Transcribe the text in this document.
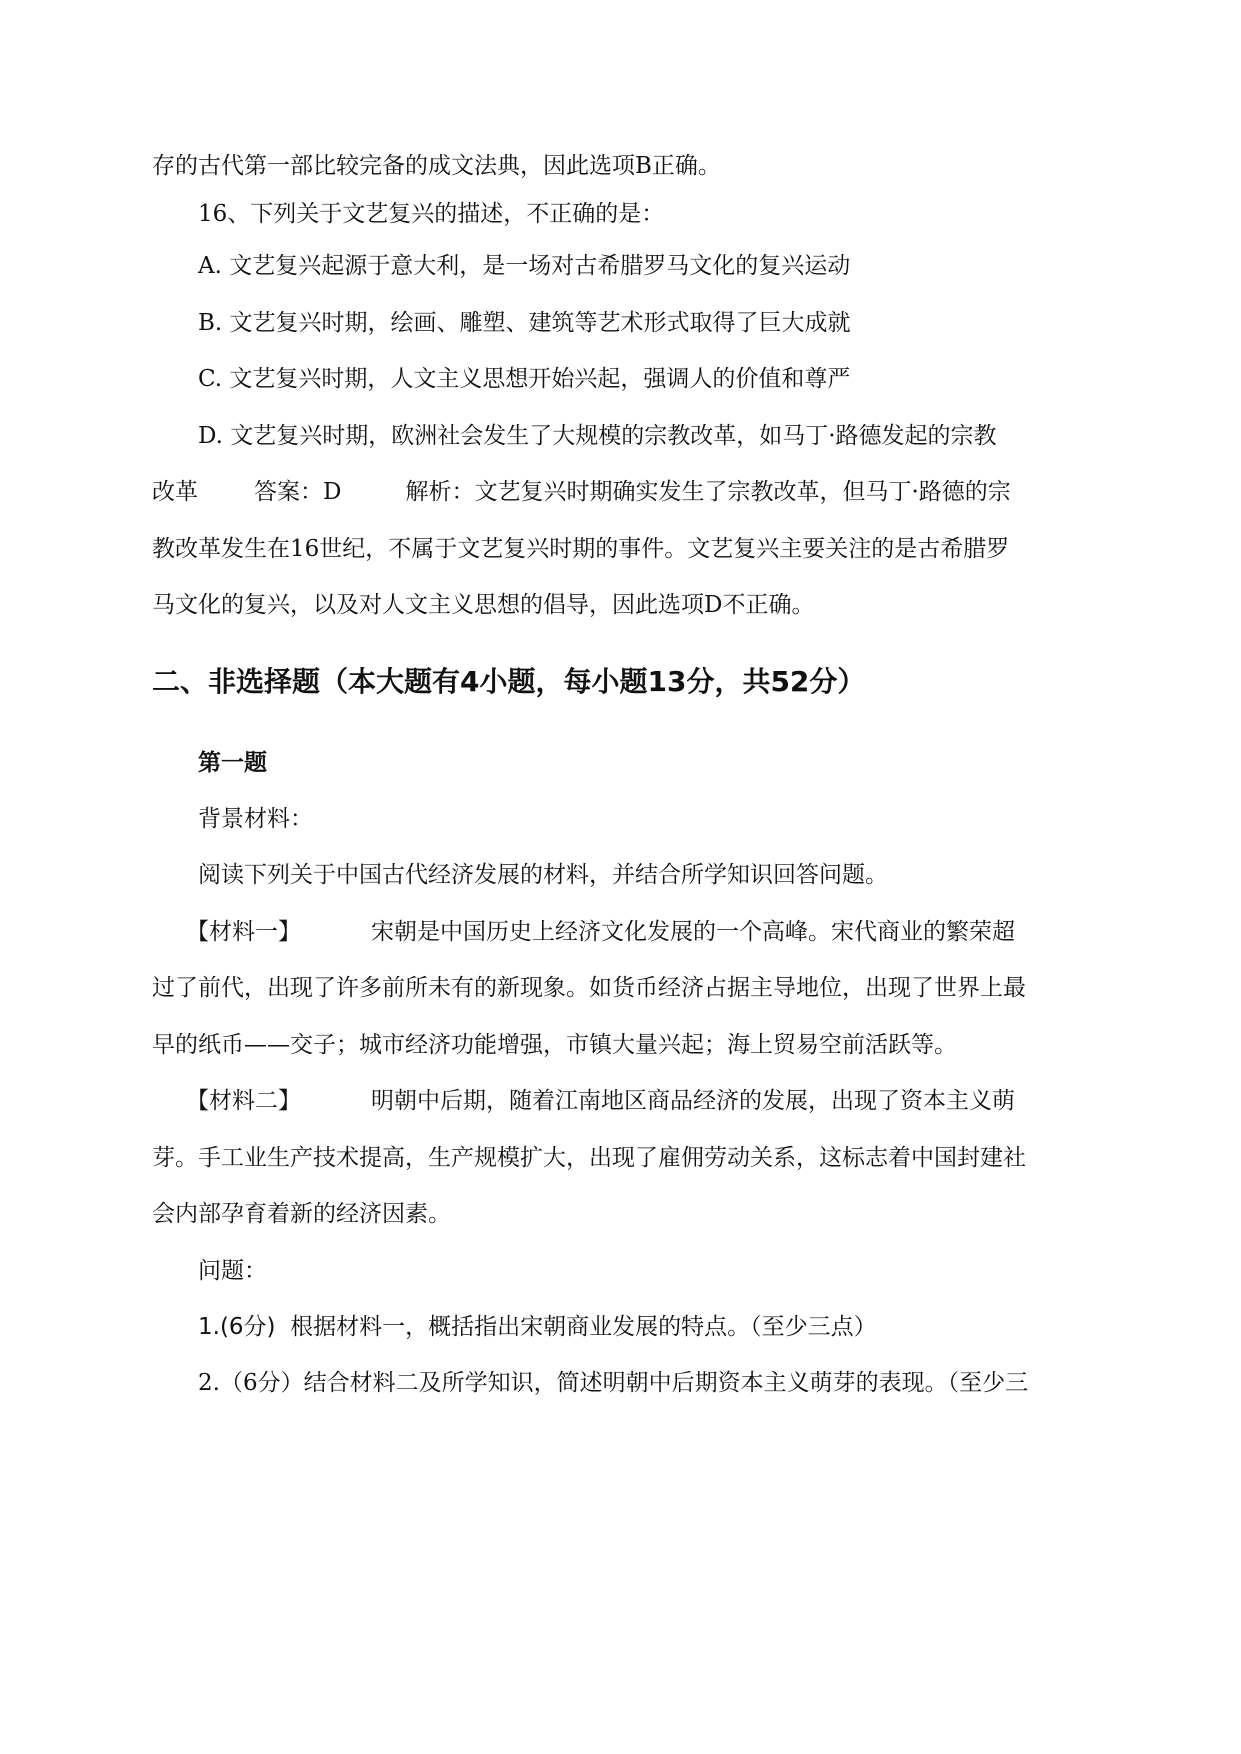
存的古代第一部比较完备的成文法典，因此选项B正确。
16、下列关于文艺复兴的描述，不正确的是：
A. 文艺复兴起源于意大利，是一场对古希腊罗马文化的复兴运动
B. 文艺复兴时期，绘画、雕塑、建筑等艺术形式取得了巨大成就
C. 文艺复兴时期，人文主义思想开始兴起，强调人的价值和尊严
D. 文艺复兴时期，欧洲社会发生了大规模的宗教改革，如马丁·路德发起的宗教
改革 答案：D	解析：文艺复兴时期确实发生了宗教改革，但马丁·路德的宗
教改革发生在16世纪，不属于文艺复兴时期的事件。文艺复兴主要关注的是古希腊罗
马文化的复兴，以及对人文主义思想的倡导，因此选项D不正确。
二、非选择题（本大题有4小题，每小题13分，共52分）
第一题
背景材料：
阅读下列关于中国古代经济发展的材料，并结合所学知识回答问题。
【材料一】	宋朝是中国历史上经济文化发展的一个高峰。宋代商业的繁荣超
过了前代，出现了许多前所未有的新现象。如货币经济占据主导地位，出现了世界上最
早的纸币——交子；城市经济功能增强，市镇大量兴起；海上贸易空前活跃等。
【材料二】	明朝中后期，随着江南地区商品经济的发展，出现了资本主义萌
芽。手工业生产技术提高，生产规模扩大，出现了雇佣劳动关系，这标志着中国封建社
会内部孕育着新的经济因素。
问题：
1.(6分) 根据材料一，概括指出宋朝商业发展的特点。（至少三点）
2.（6分）结合材料二及所学知识，简述明朝中后期资本主义萌芽的表现。（至少三
